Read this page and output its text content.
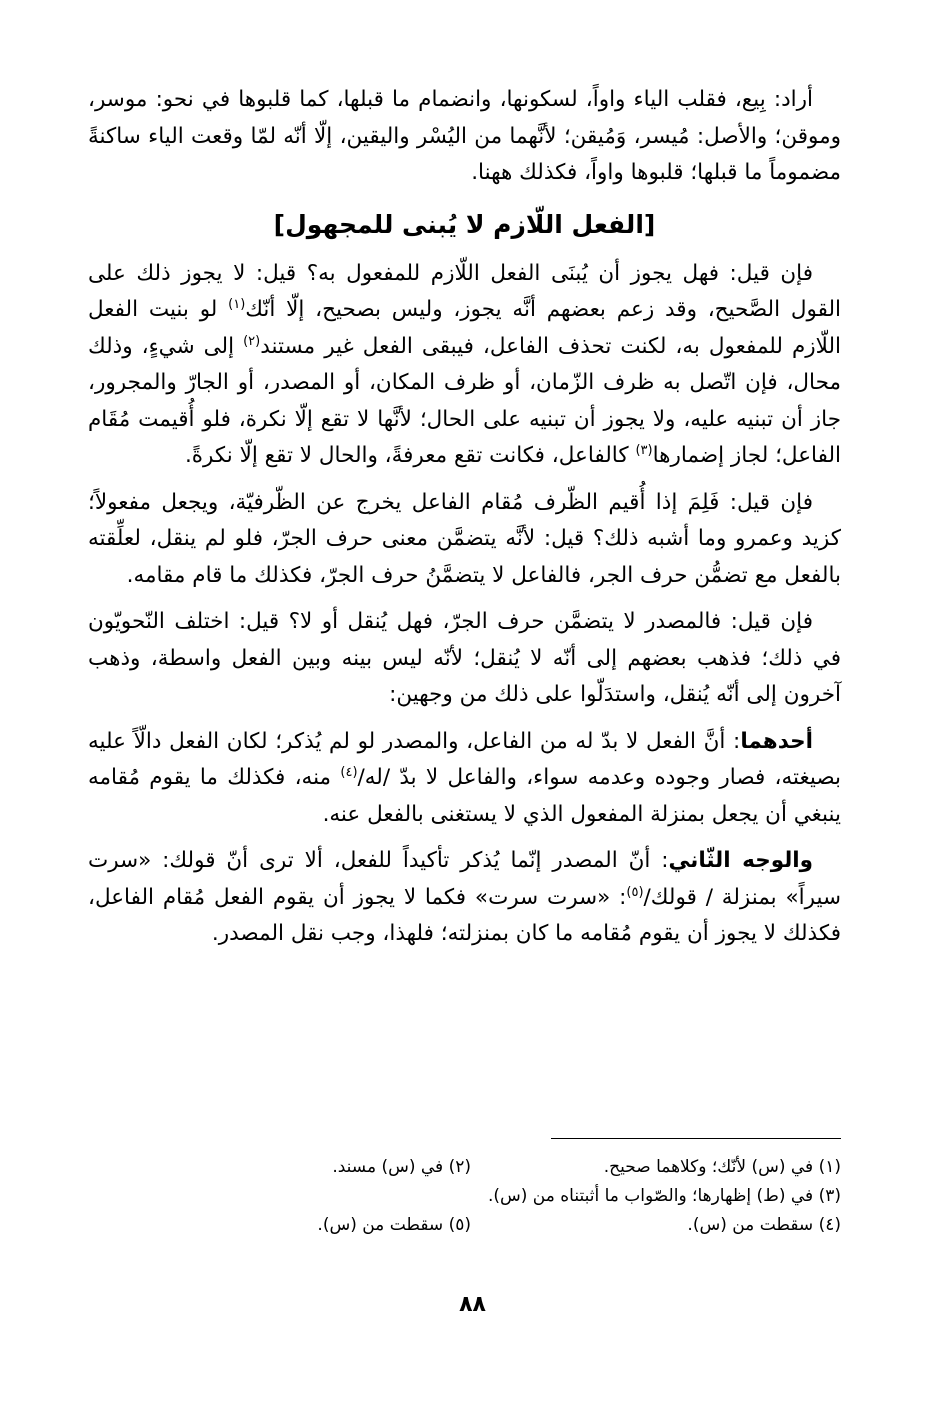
أراد: بِيع، فقلب الياء واواً، لسكونها، وانضمام ما قبلها، كما قلبوها في نحو: موسر، وموقن؛ والأصل: مُيسر، وَمُيقن؛ لأنَّهما من اليُسْر واليقين، إلّا أنّه لمّا وقعت الياء ساكنةً مضموماً ما قبلها؛ قلبوها واواً، فكذلك ههنا.

[الفعل اللّازم لا يُبنى للمجهول]

فإن قيل: فهل يجوز أن يُبنَى الفعل اللّازم للمفعول به؟ قيل: لا يجوز ذلك على القول الصَّحيح، وقد زعم بعضهم أنَّه يجوز، وليس بصحيح، إلّا أنّك$^{(١)}$ لو بنيت الفعل اللّازم للمفعول به، لكنت تحذف الفاعل، فيبقى الفعل غير مستند$^{(٢)}$ إلى شيءٍ، وذلك محال، فإن اتّصل به ظرف الزّمان، أو ظرف المكان، أو المصدر، أو الجارّ والمجرور، جاز أن تبنيه عليه، ولا يجوز أن تبنيه على الحال؛ لأنَّها لا تقع إلّا نكرة، فلو أُقيمت مُقَام الفاعل؛ لجاز إضمارها$^{(٣)}$ كالفاعل، فكانت تقع معرفةً، والحال لا تقع إلّا نكرةً.

فإن قيل: فَلِمَ إذا أُقيم الظّرف مُقام الفاعل يخرج عن الظّرفيّة، ويجعل مفعولاً؛ كزيد وعمرو وما أشبه ذلك؟ قيل: لأنَّه يتضمَّن معنى حرف الجرّ، فلو لم ينقل، لعلِّقته بالفعل مع تضمُّن حرف الجر، فالفاعل لا يتضمَّنُ حرف الجرّ، فكذلك ما قام مقامه.

فإن قيل: فالمصدر لا يتضمَّن حرف الجرّ، فهل يُنقل أو لا؟ قيل: اختلف النّحويّون في ذلك؛ فذهب بعضهم إلى أنّه لا يُنقل؛ لأنّه ليس بينه وبين الفعل واسطة، وذهب آخرون إلى أنّه يُنقل، واستدَلّوا على ذلك من وجهين:

أحدهما: أنَّ الفعل لا بدّ له من الفاعل، والمصدر لو لم يُذكر؛ لكان الفعل دالّاً عليه بصيغته، فصار وجوده وعدمه سواء، والفاعل لا بدّ /له/$^{(٤)}$ منه، فكذلك ما يقوم مُقامه ينبغي أن يجعل بمنزلة المفعول الذي لا يستغنى بالفعل عنه.

والوجه الثّاني: أنّ المصدر إنّما يُذكر تأكيداً للفعل، ألا ترى أنّ قولك: «سرت سيراً» بمنزلة / قولك/$^{(٥)}$: «سرت سرت» فكما لا يجوز أن يقوم الفعل مُقام الفاعل، فكذلك لا يجوز أن يقوم مُقامه ما كان بمنزلته؛ فلهذا، وجب نقل المصدر.

(١) في (س) لأنّك؛ وكلاهما صحيح.(٢) في (س) مسند.
(٣) في (ط) إظهارها؛ والصّواب ما أثبتناه من (س).
(٤) سقطت من (س).(٥) سقطت من (س).
٨٨
